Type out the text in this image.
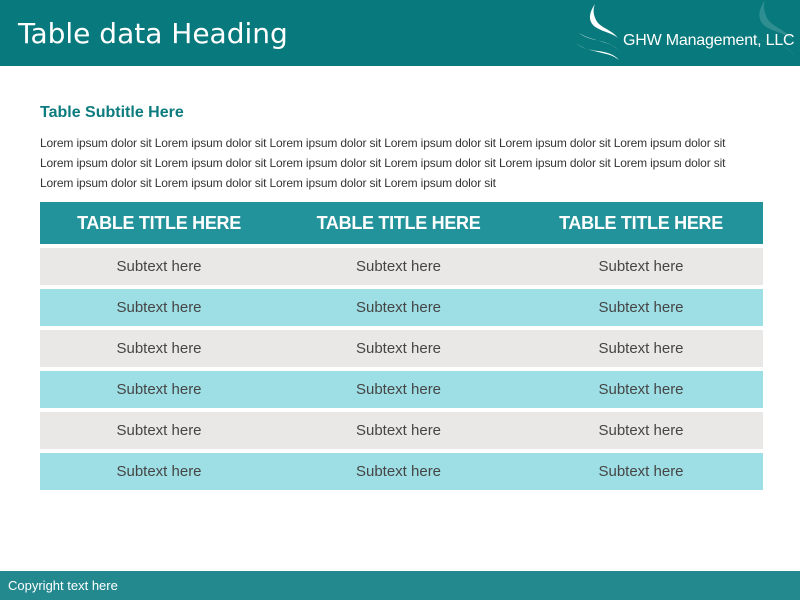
Table data Heading	GHW Management, LLC
Table Subtitle Here
Lorem ipsum dolor sit Lorem ipsum dolor sit Lorem ipsum dolor sit Lorem ipsum dolor sit Lorem ipsum dolor sit Lorem ipsum dolor sit Lorem ipsum dolor sit Lorem ipsum dolor sit Lorem ipsum dolor sit Lorem ipsum dolor sit Lorem ipsum dolor sit Lorem ipsum dolor sit Lorem ipsum dolor sit Lorem ipsum dolor sit Lorem ipsum dolor sit Lorem ipsum dolor sit
TABLE TITLE HERE	TABLE TITLE HERE	TABLE TITLE HERE
Subtext here	Subtext here	Subtext here
Subtext here	Subtext here	Subtext here
Subtext here	Subtext here	Subtext here
Subtext here	Subtext here	Subtext here
Subtext here	Subtext here	Subtext here
Subtext here	Subtext here	Subtext here
Copyright text here
